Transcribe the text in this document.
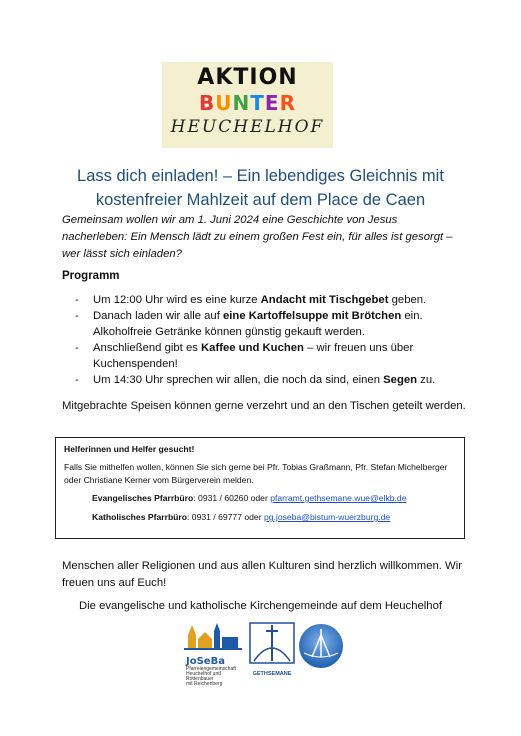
AKTION
BUNTER
HEUCHELHOF
Lass dich einladen! – Ein lebendiges Gleichnis mit
kostenfreier Mahlzeit auf dem Place de Caen

Gemeinsam wollen wir am 1. Juni 2024 eine Geschichte von Jesus nacherleben: Ein Mensch lädt zu einem großen Fest ein, für alles ist gesorgt – wer lässt sich einladen?

Programm
- Um 12:00 Uhr wird es eine kurze Andacht mit Tischgebet geben.
- Danach laden wir alle auf eine Kartoffelsuppe mit Brötchen ein. Alkoholfreie Getränke können günstig gekauft werden.
- Anschließend gibt es Kaffee und Kuchen – wir freuen uns über Kuchenspenden!
- Um 14:30 Uhr sprechen wir allen, die noch da sind, einen Segen zu.

Mitgebrachte Speisen können gerne verzehrt und an den Tischen geteilt werden.

Helferinnen und Helfer gesucht!
Falls Sie mithelfen wollen, können Sie sich gerne bei Pfr. Tobias Graßmann, Pfr. Stefan Michelberger oder Christiane Kerner vom Bürgerverein melden.
Evangelisches Pfarrbüro: 0931 / 60260 oder pfarramt.gethsemane.wue@elkb.de
Katholisches Pfarrbüro: 0931 / 69777 oder pg.joseba@bistum-wuerzburg.de

Menschen aller Religionen und aus allen Kulturen sind herzlich willkommen. Wir freuen uns auf Euch!

Die evangelische und katholische Kirchengemeinde auf dem Heuchelhof

JoSeBa
Pfarreiengemeinschaft
Heuchelhof und Rottenbauer
mit Reichenberg
GETHSEMANE
